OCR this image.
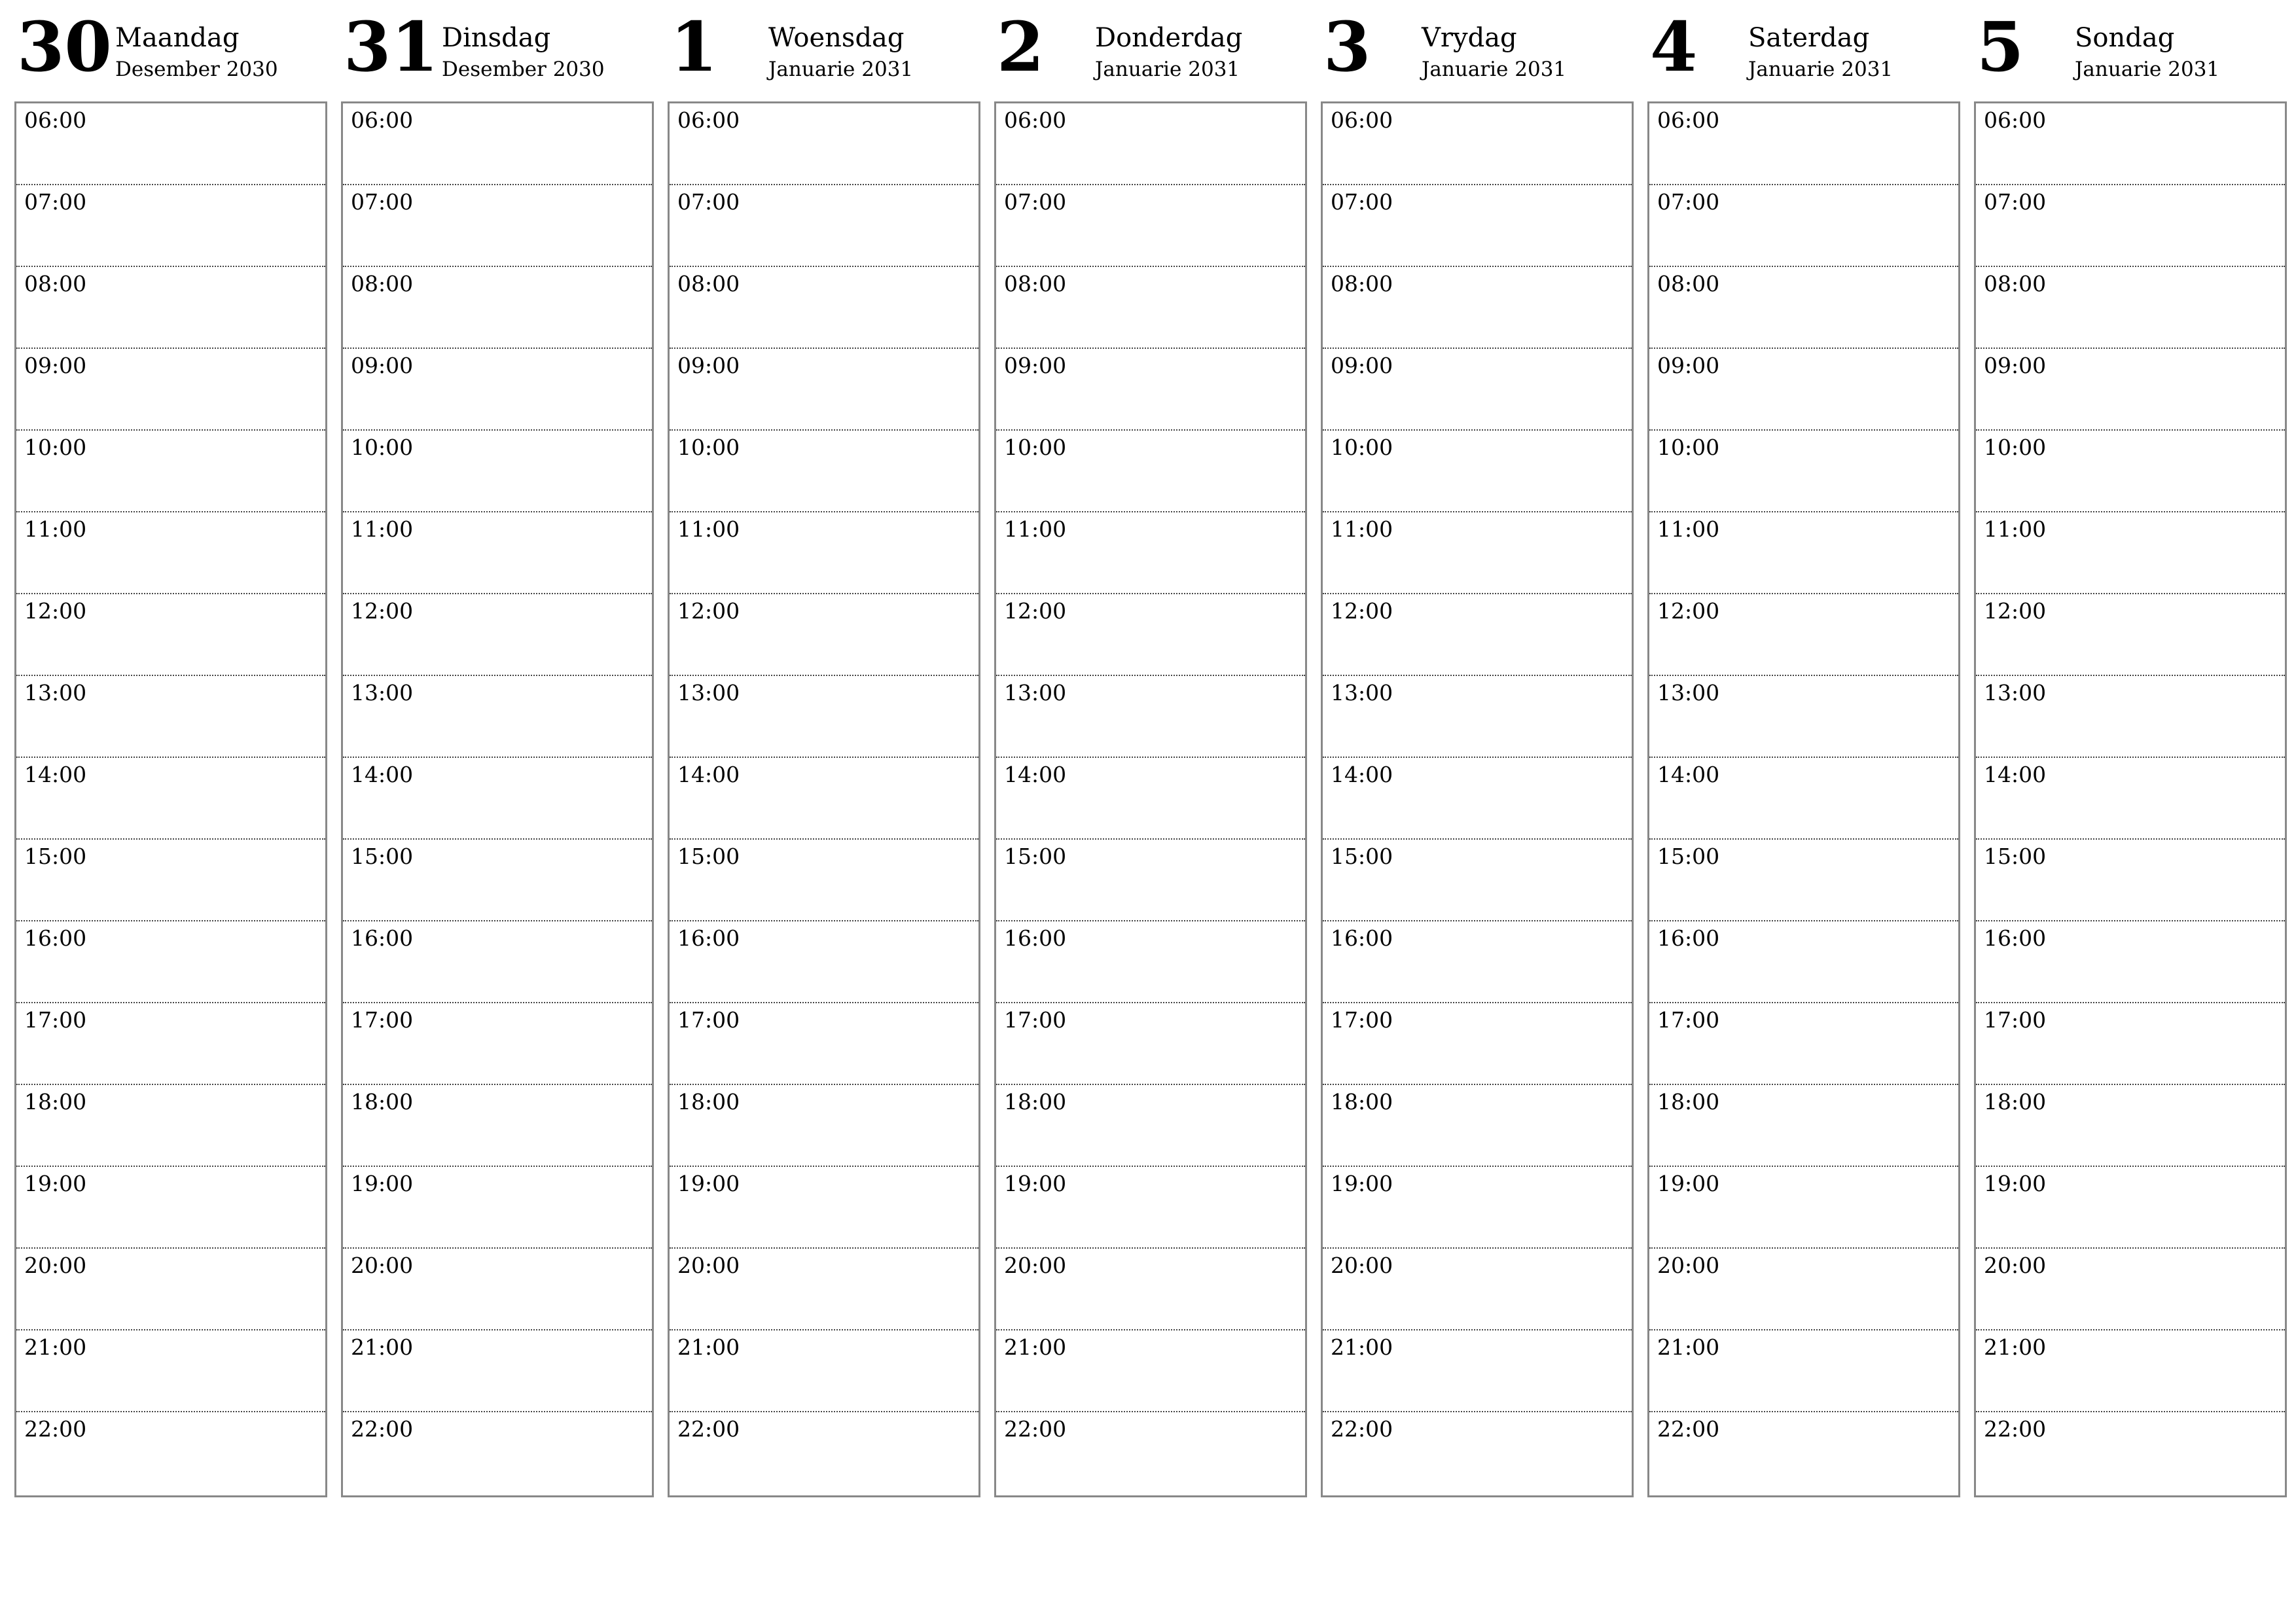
30 Maandag
Desember 2030
06:00
07:00
08:00
09:00
10:00
11:00
12:00
13:00
14:00
15:00
16:00
17:00
18:00
19:00
20:00
21:00
22:00
31 Dinsdag
Desember 2030
06:00
07:00
08:00
09:00
10:00
11:00
12:00
13:00
14:00
15:00
16:00
17:00
18:00
19:00
20:00
21:00
22:00
1	Woensdag
Januarie 2031
06:00
07:00
08:00
09:00
10:00
11:00
12:00
13:00
14:00
15:00
16:00
17:00
18:00
19:00
20:00
21:00
22:00
2	Donderdag
Januarie 2031
06:00
07:00
08:00
09:00
10:00
11:00
12:00
13:00
14:00
15:00
16:00
17:00
18:00
19:00
20:00
21:00
22:00
3	Vrydag
Januarie 2031
06:00
07:00
08:00
09:00
10:00
11:00
12:00
13:00
14:00
15:00
16:00
17:00
18:00
19:00
20:00
21:00
22:00
4	Saterdag
Januarie 2031
06:00
07:00
08:00
09:00
10:00
11:00
12:00
13:00
14:00
15:00
16:00
17:00
18:00
19:00
20:00
21:00
22:00
5	Sondag
Januarie 2031
06:00
07:00
08:00
09:00
10:00
11:00
12:00
13:00
14:00
15:00
16:00
17:00
18:00
19:00
20:00
21:00
22:00
